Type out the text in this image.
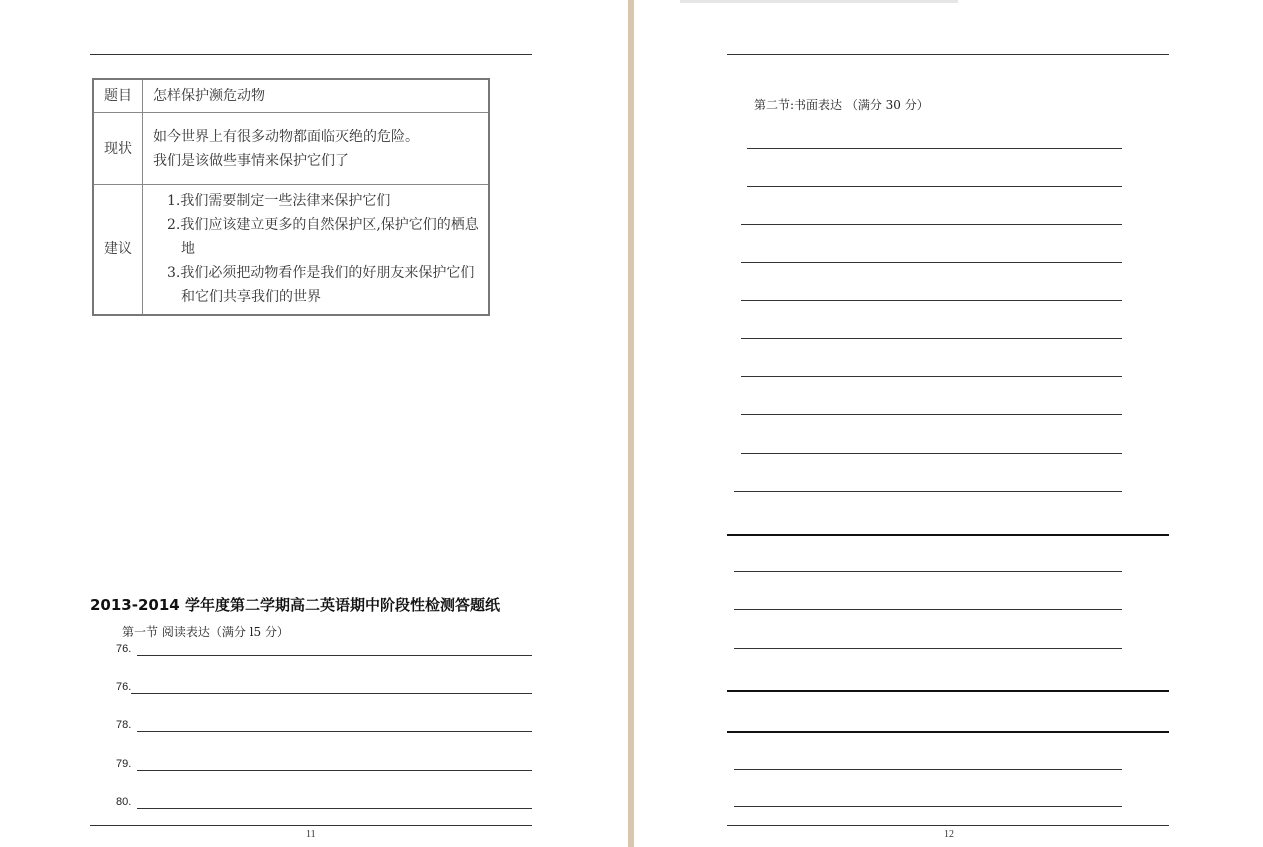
题目	怎样保护濒危动物
现状	如今世界上有很多动物都面临灭绝的危险。
我们是该做些事情来保护它们了

建议	1.我们需要制定一些法律来保护它们
2.我们应该建立更多的自然保护区,保护它们的栖息地
3.我们必须把动物看作是我们的好朋友来保护它们和它们共享我们的世界
2013-2014 学年度第二学期高二英语期中阶段性检测答题纸
第一节 阅读表达（满分 l5 分）
76.
76.
78.
79.
80.
11
第二节:书面表达 （满分 30 分）
12
